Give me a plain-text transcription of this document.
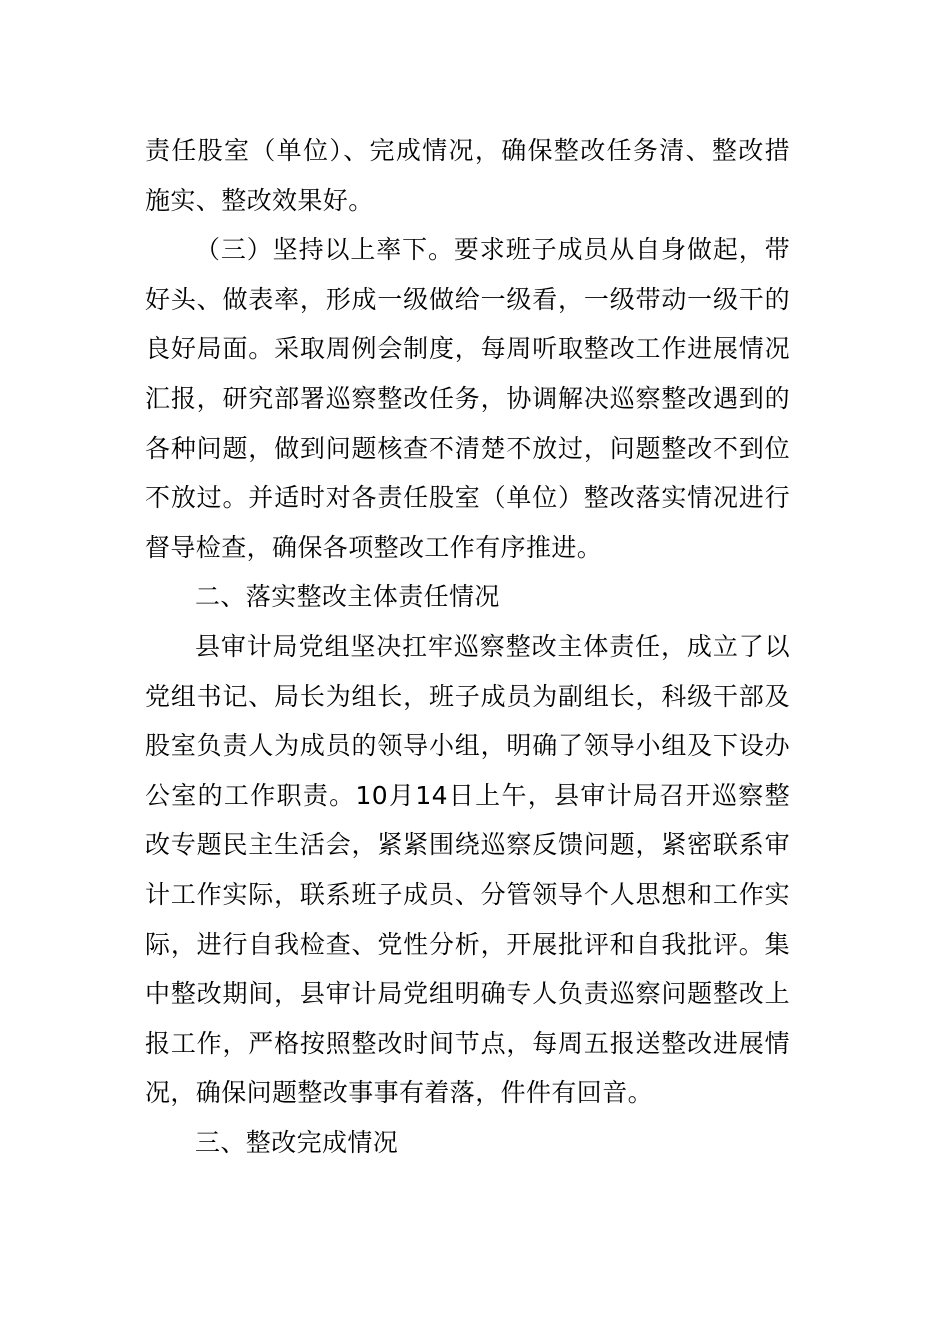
责任股室（单位）、完成情况，确保整改任务清、整改措施实、整改效果好。

（三）坚持以上率下。要求班子成员从自身做起，带好头、做表率，形成一级做给一级看，一级带动一级干的良好局面。采取周例会制度，每周听取整改工作进展情况汇报，研究部署巡察整改任务，协调解决巡察整改遇到的各种问题，做到问题核查不清楚不放过，问题整改不到位不放过。并适时对各责任股室（单位）整改落实情况进行督导检查，确保各项整改工作有序推进。

二、落实整改主体责任情况

县审计局党组坚决扛牢巡察整改主体责任，成立了以党组书记、局长为组长，班子成员为副组长，科级干部及股室负责人为成员的领导小组，明确了领导小组及下设办公室的工作职责。10月14日上午，县审计局召开巡察整改专题民主生活会，紧紧围绕巡察反馈问题，紧密联系审计工作实际，联系班子成员、分管领导个人思想和工作实际，进行自我检查、党性分析，开展批评和自我批评。集中整改期间，县审计局党组明确专人负责巡察问题整改上报工作，严格按照整改时间节点，每周五报送整改进展情况，确保问题整改事事有着落，件件有回音。

三、整改完成情况
